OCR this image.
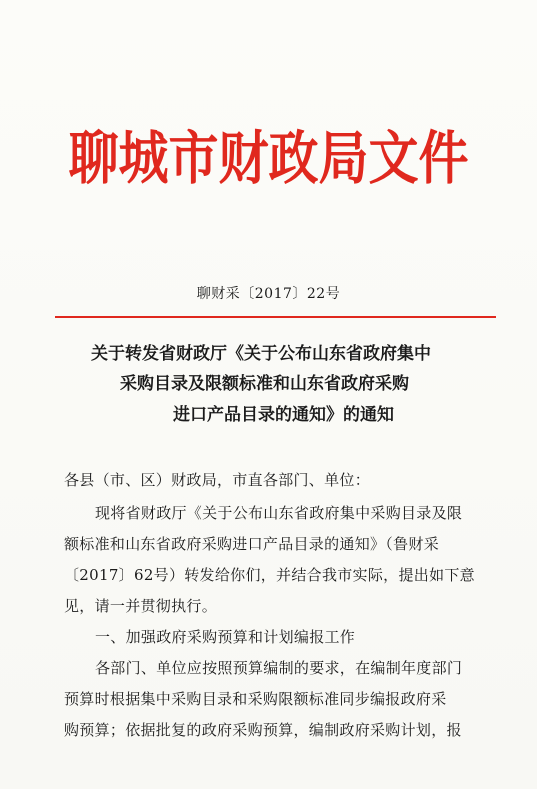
聊城市财政局文件
聊财采〔2017〕22号
关于转发省财政厅《关于公布山东省政府集中
采购目录及限额标准和山东省政府采购
进口产品目录的通知》的通知
各县（市、区）财政局，市直各部门、单位：
现将省财政厅《关于公布山东省政府集中采购目录及限
额标准和山东省政府采购进口产品目录的通知》（鲁财采
〔2017〕62号）转发给你们，并结合我市实际，提出如下意
见，请一并贯彻执行。
一、加强政府采购预算和计划编报工作
各部门、单位应按照预算编制的要求，在编制年度部门
预算时根据集中采购目录和采购限额标准同步编报政府采
购预算；依据批复的政府采购预算，编制政府采购计划，报
